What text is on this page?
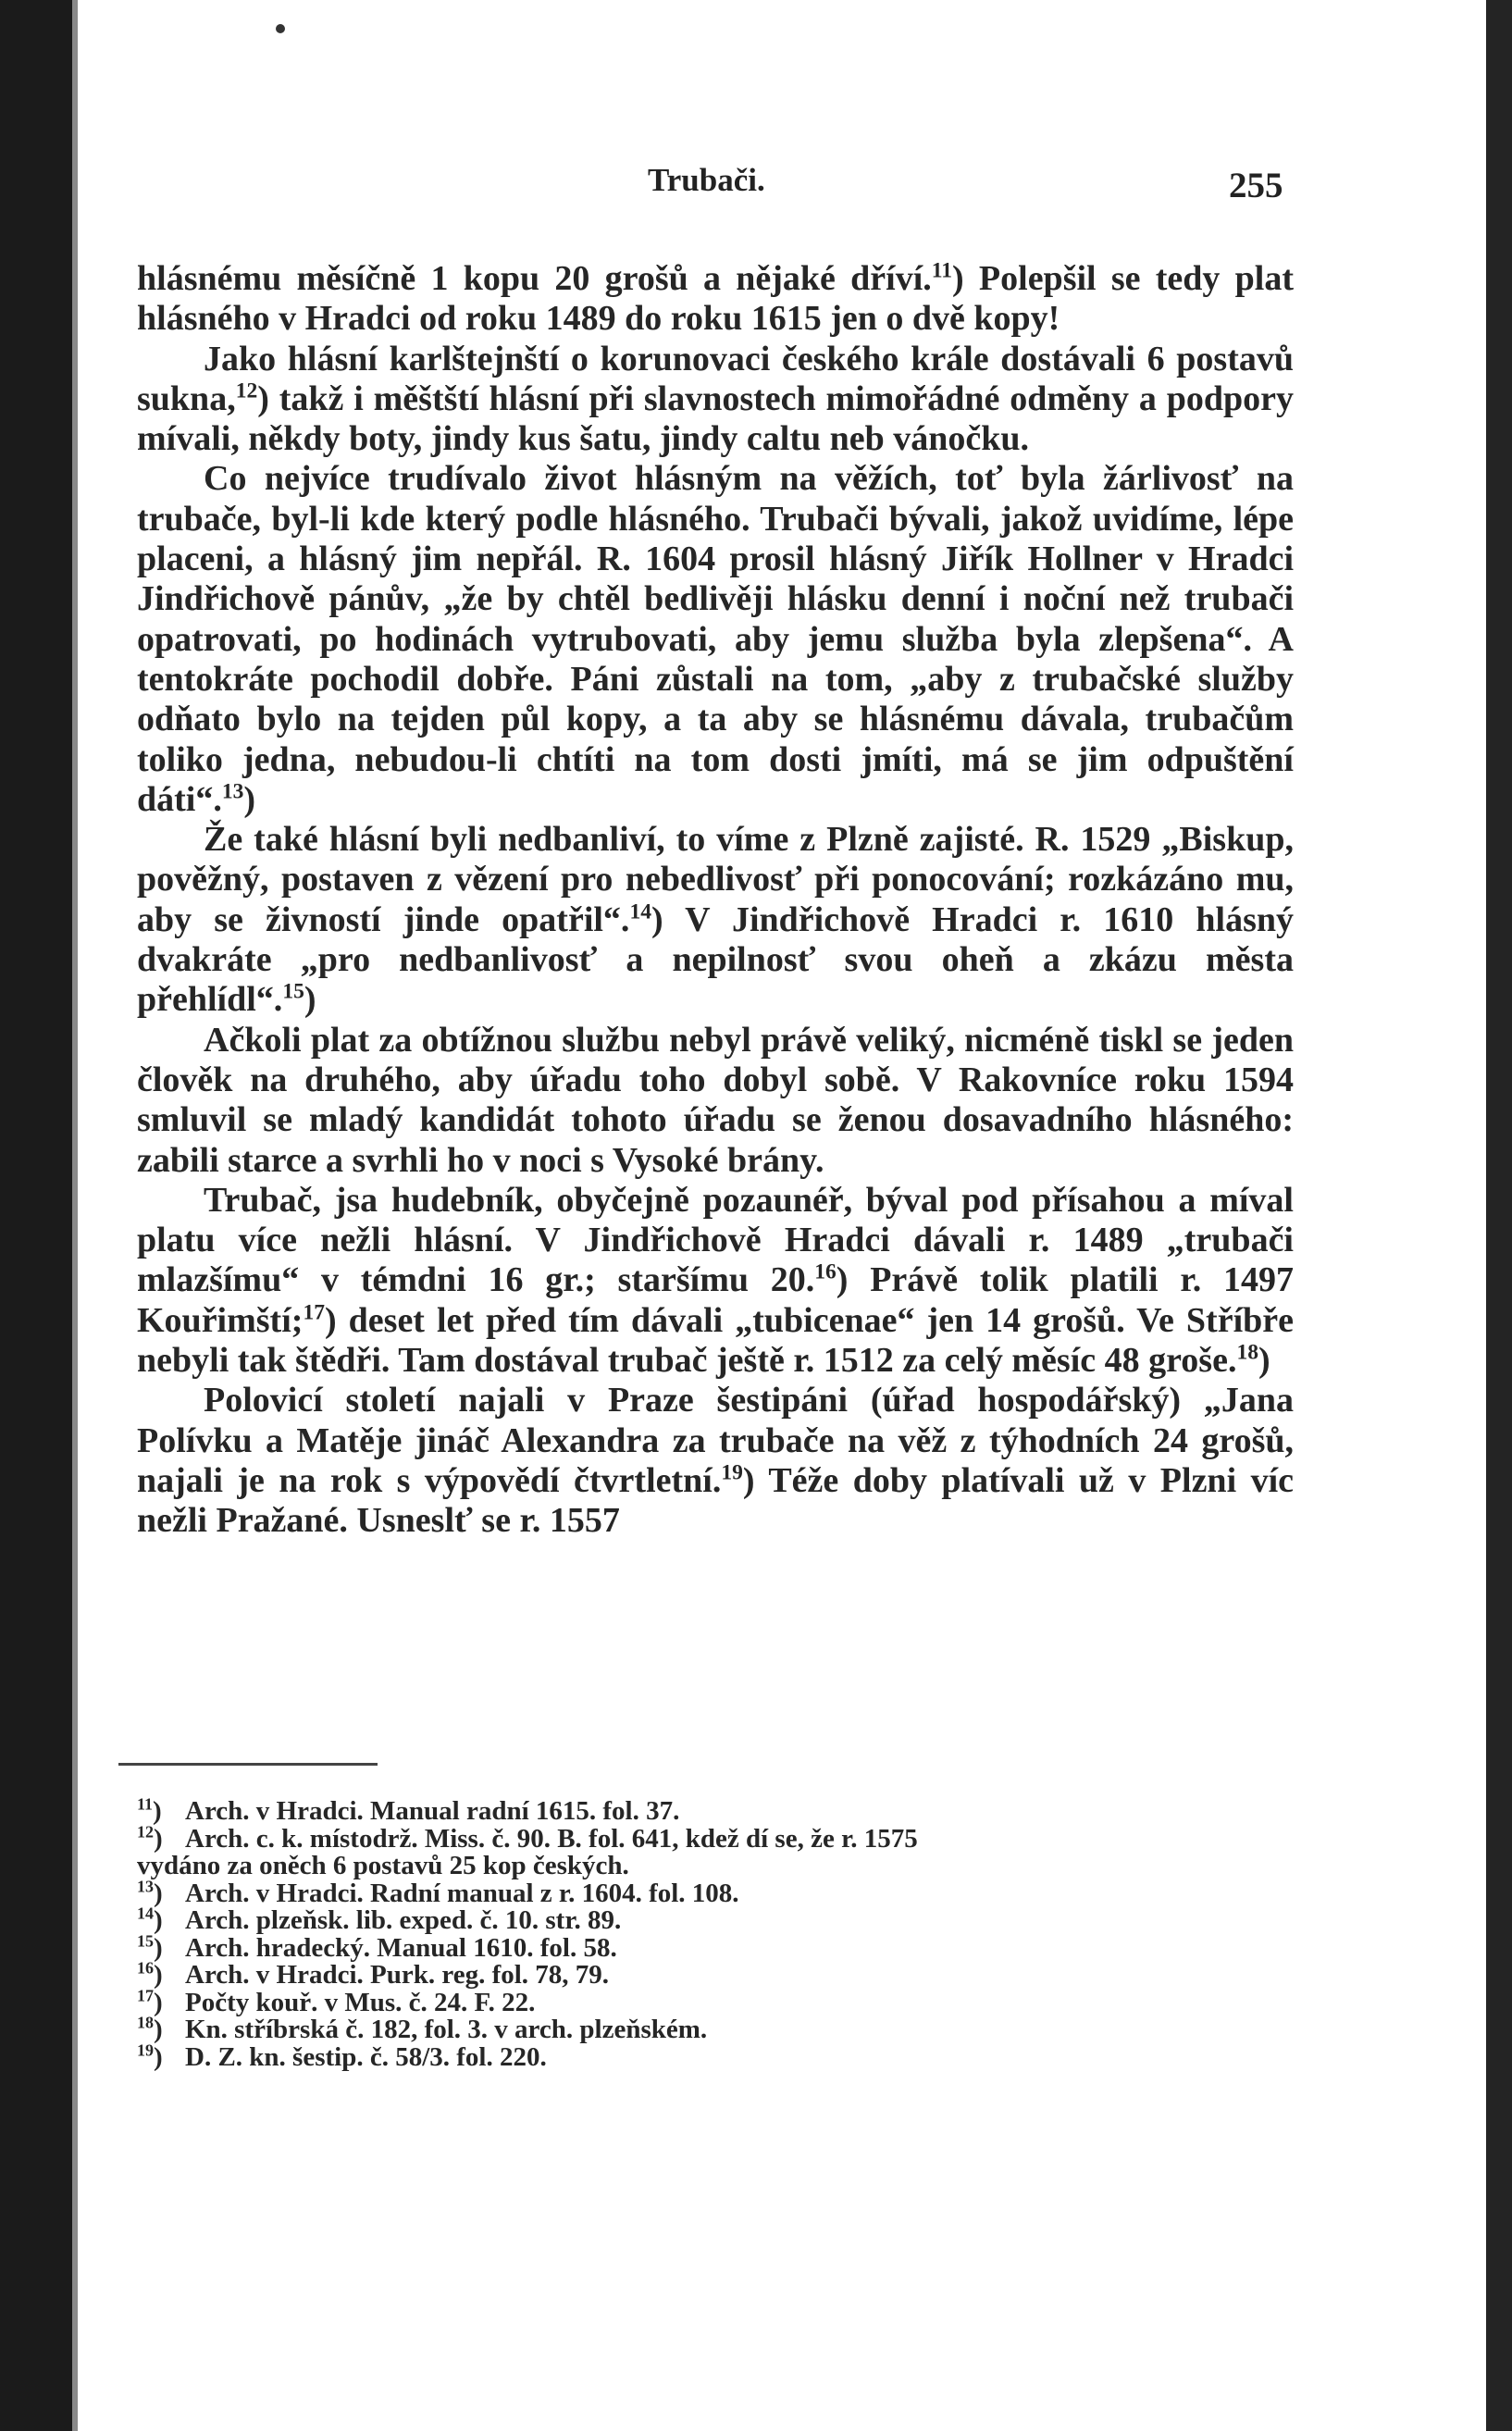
Trubači.	255

hlásnému měsíčně 1 kopu 20 grošů a nějaké dříví.$^{11}$) Polepšil se tedy plat hlásného v Hradci od roku 1489 do roku 1615 jen o dvě kopy!

Jako hlásní karlštejnští o korunovaci českého krále dostávali 6 postavů sukna,$^{12}$) takž i měštští hlásní při slavnostech mimořádné odměny a podpory mívali, někdy boty, jindy kus šatu, jindy caltu neb vánočku.

Co nejvíce trudívalo život hlásným na věžích, toť byla žárlivosť na trubače, byl-li kde který podle hlásného. Trubači bývali, jakož uvidíme, lépe placeni, a hlásný jim nepřál. R. 1604 prosil hlásný Jiřík Hollner v Hradci Jindřichově pánův, „že by chtěl bedlivěji hlásku denní i noční než trubači opatrovati, po hodinách vytrubovati, aby jemu služba byla zlepšena“. A tentokráte pochodil dobře. Páni zůstali na tom, „aby z trubačské služby odňato bylo na tejden půl kopy, a ta aby se hlásnému dávala, trubačům toliko jedna, nebudou-li chtíti na tom dosti jmíti, má se jim odpuštění dáti“.$^{13}$)

Že také hlásní byli nedbanliví, to víme z Plzně zajisté. R. 1529 „Biskup, pověžný, postaven z vězení pro nebedlivosť při ponocování; rozkázáno mu, aby se živností jinde opatřil“.$^{14}$) V Jindřichově Hradci r. 1610 hlásný dvakráte „pro nedbanlivosť a nepilnosť svou oheň a zkázu města přehlídl“.$^{15}$)

Ačkoli plat za obtížnou službu nebyl právě veliký, nicméně tiskl se jeden člověk na druhého, aby úřadu toho dobyl sobě. V Rakovníce roku 1594 smluvil se mladý kandidát tohoto úřadu se ženou dosavadního hlásného: zabili starce a svrhli ho v noci s Vysoké brány.

Trubač, jsa hudebník, obyčejně pozaunéř, býval pod přísahou a míval platu více nežli hlásní. V Jindřichově Hradci dávali r. 1489 „trubači mlazšímu“ v témdni 16 gr.; staršímu 20.16) Právě tolik platili r. 1497 Kouřimští;$^{17}$) deset let před tím dávali „tubicenae“ jen 14 grošů. Ve Stříbře nebyli tak štědři. Tam dostával trubač ještě r. 1512 za celý měsíc 48 groše.$^{18}$)

Polovicí století najali v Praze šestipáni (úřad hospodářský) „Jana Polívku a Matěje jináč Alexandra za trubače na věž z týhodních 24 grošů, najali je na rok s výpovědí čtvrtletní.$^{19}$) Téže doby platívali už v Plzni víc nežli Pražané. Usneslť se r. 1557

$^{11}$) Arch. v Hradci. Manual radní 1615. fol. 37.

$^{12}$) Arch. c. k. místodrž. Miss. č. 90. B. fol. 641, kdež dí se, že r. 1575
vydáno za oněch 6 postavů 25 kop českých.

$^{13}$) Arch. v Hradci. Radní manual z r. 1604. fol. 108.

$^{14}$) Arch. plzeňsk. lib. exped. č. 10. str. 89.

$^{15}$) Arch. hradecký. Manual 1610. fol. 58.

$^{16}$) Arch. v Hradci. Purk. reg. fol. 78, 79.

$^{17}$) Počty kouř. v Mus. č. 24. F. 22.

$^{18}$) Kn. stříbrská č. 182, fol. 3. v arch. plzeňském.

$^{19}$) D. Z. kn. šestip. č. 58/3. fol. 220.
